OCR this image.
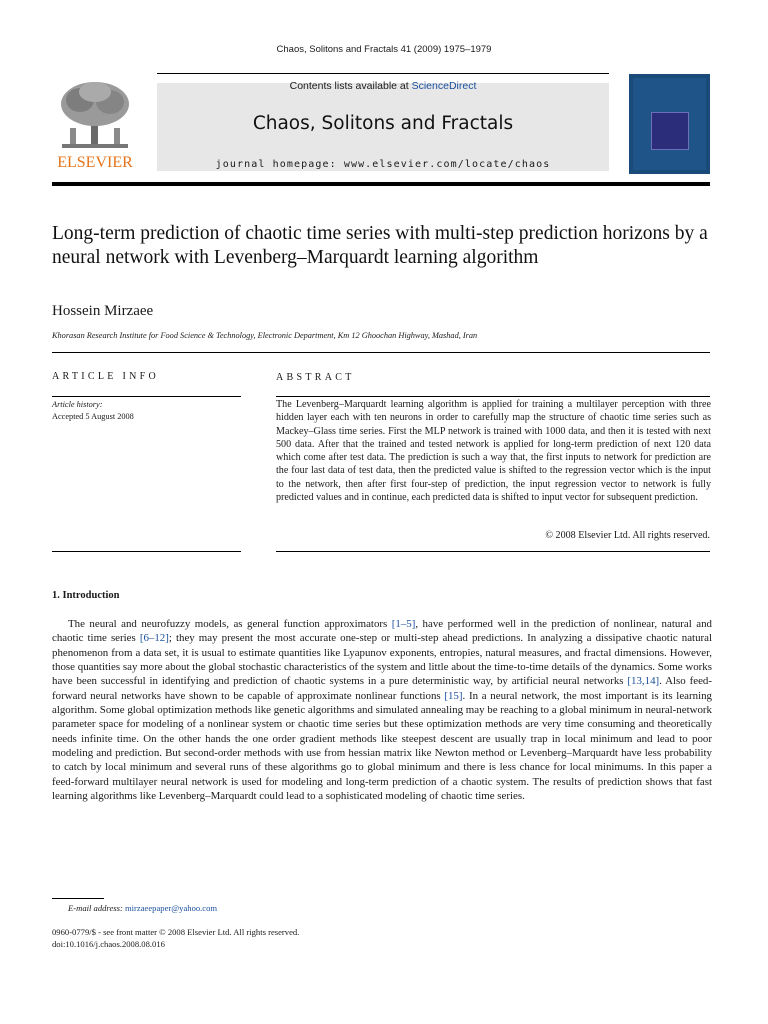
Chaos, Solitons and Fractals 41 (2009) 1975–1979
ELSEVIER
Contents lists available at ScienceDirect
Chaos, Solitons and Fractals
journal homepage: www.elsevier.com/locate/chaos
Long-term prediction of chaotic time series with multi-step prediction horizons by a neural network with Levenberg–Marquardt learning algorithm
Hossein Mirzaee
Khorasan Research Institute for Food Science & Technology, Electronic Department, Km 12 Ghoochan Highway, Mashad, Iran
ARTICLE INFO	ABSTRACT
Article history:
Accepted 5 August 2008
The Levenberg–Marquardt learning algorithm is applied for training a multilayer perception with three hidden layer each with ten neurons in order to carefully map the structure of chaotic time series such as Mackey–Glass time series. First the MLP network is trained with 1000 data, and then it is tested with next 500 data. After that the trained and tested network is applied for long-term prediction of next 120 data which come after test data. The prediction is such a way that, the first inputs to network for prediction are the four last data of test data, then the predicted value is shifted to the regression vector which is the input to the network, then after first four-step of prediction, the input regression vector to network is fully predicted values and in continue, each predicted data is shifted to input vector for subsequent prediction.
© 2008 Elsevier Ltd. All rights reserved.
1. Introduction
The neural and neurofuzzy models, as general function approximators [1–5], have performed well in the prediction of nonlinear, natural and chaotic time series [6–12]; they may present the most accurate one-step or multi-step ahead predictions. In analyzing a dissipative chaotic natural phenomenon from a data set, it is usual to estimate quantities like Lyapunov exponents, entropies, natural measures, and fractal dimensions. However, those quantities say more about the global stochastic characteristics of the system and little about the time-to-time details of the dynamics. Some works have been successful in identifying and prediction of chaotic systems in a pure deterministic way, by artificial neural networks [13,14]. Also feed-forward neural networks have shown to be capable of approximate nonlinear functions [15]. In a neural network, the most important is its learning algorithm. Some global optimization methods like genetic algorithms and simulated annealing may be reaching to a global minimum in neural-network parameter space for modeling of a nonlinear system or chaotic time series but these optimization methods are very time consuming and theoretically needs infinite time. On the other hands the one order gradient methods like steepest descent are usually trap in local minimum and lead to poor modeling and prediction. But second-order methods with use from hessian matrix like Newton method or Levenberg–Marquardt have less probability to catch by local minimum and several runs of these algorithms go to global minimum and there is less chance for local minimums. In this paper a feed-forward multilayer neural network is used for modeling and long-term prediction of a chaotic system. The results of prediction shows that fast learning algorithms like Levenberg–Marquardt could lead to a sophisticated modeling of chaotic time series.
E-mail address: mirzaeepaper@yahoo.com
0960-0779/$ - see front matter © 2008 Elsevier Ltd. All rights reserved.
doi:10.1016/j.chaos.2008.08.016
